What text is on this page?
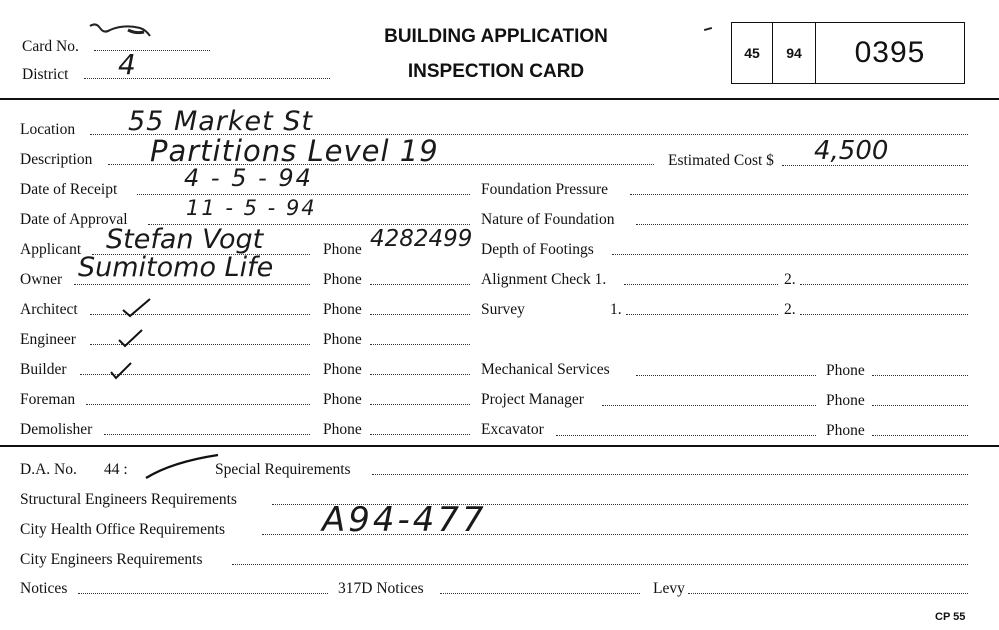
Card No.
District 4
BUILDING APPLICATION
INSPECTION CARD
45	94	0395
Location 55 Market St
Description Partitions Level 19
Date of Receipt	4 - 5 - 94
Date of Approval	11 - 5 - 94
Applicant Stefan Vogt	Phone 4282499
Owner Sumitomo Life	Phone
Architect	Phone
Engineer	Phone
Builder	Phone
Foreman	Phone
Demolisher	Phone
Estimated Cost $ 4,500
Foundation Pressure
Nature of Foundation
Depth of Footings
Alignment Check 1.	2.
Survey	1.	2.
Mechanical Services	Phone
Project Manager	Phone
Excavator	Phone
D.A. No. 44 :	Special Requirements
Structural Engineers Requirements
City Health Office Requirements	A94-477
City Engineers Requirements
Notices	317D Notices	Levy
CP 55
